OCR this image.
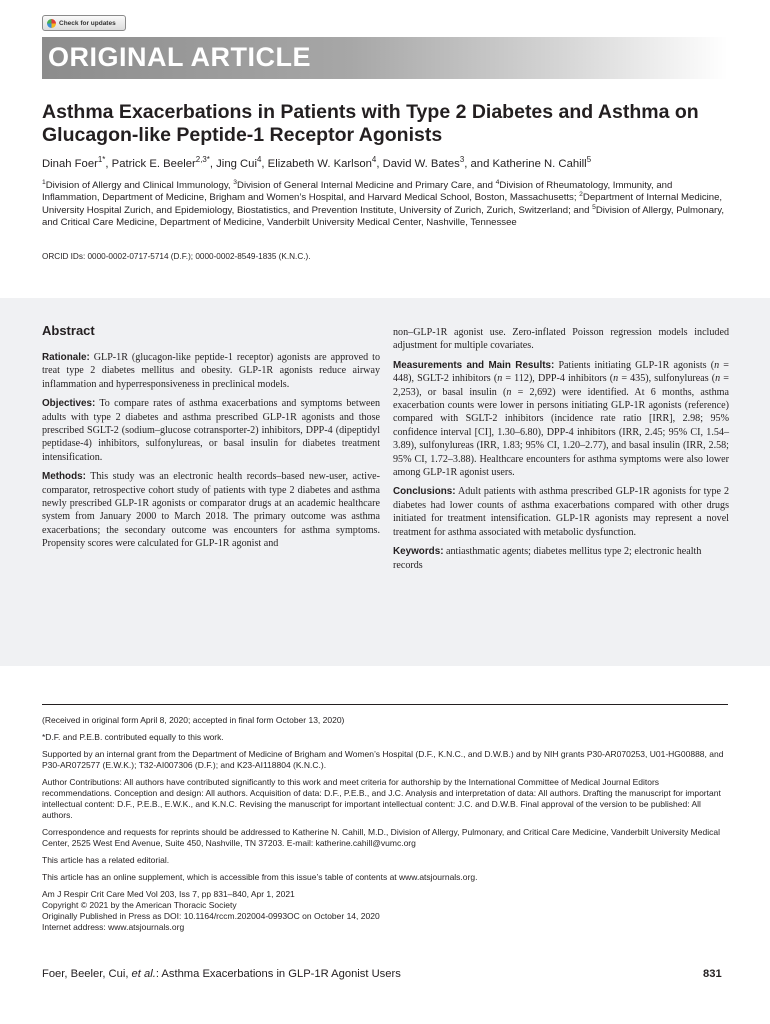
Check for updates
ORIGINAL ARTICLE
Asthma Exacerbations in Patients with Type 2 Diabetes and Asthma on
Glucagon-like Peptide-1 Receptor Agonists
Dinah Foer$^{1*}$, Patrick E. Beeler$^{2,3*}$, Jing Cui$^4$, Elizabeth W. Karlson$^4$, David W. Bates$^3$, and Katherine N. Cahill$^5$
$^1$Division of Allergy and Clinical Immunology, $^3$Division of General Internal Medicine and Primary Care, and $^4$Division of Rheumatology, Immunity, and Inflammation, Department of Medicine, Brigham and Women’s Hospital, and Harvard Medical School, Boston, Massachusetts; $^2$Department of Internal Medicine, University Hospital Zurich, and Epidemiology, Biostatistics, and Prevention Institute, University of Zurich, Zurich, Switzerland; and $^5$Division of Allergy, Pulmonary, and Critical Care Medicine, Department of Medicine, Vanderbilt University Medical Center, Nashville, Tennessee
ORCID IDs: 0000-0002-0717-5714 (D.F.); 0000-0002-8549-1835 (K.N.C.).
Abstract

Rationale: GLP-1R (glucagon-like peptide-1 receptor) agonists are approved to treat type 2 diabetes mellitus and obesity. GLP-1R agonists reduce airway inflammation and hyperresponsiveness in preclinical models.

Objectives: To compare rates of asthma exacerbations and symptoms between adults with type 2 diabetes and asthma prescribed GLP-1R agonists and those prescribed SGLT-2 (sodium–glucose cotransporter-2) inhibitors, DPP-4 (dipeptidyl peptidase-4) inhibitors, sulfonylureas, or basal insulin for diabetes treatment intensification.

Methods: This study was an electronic health records–based new-user, active-comparator, retrospective cohort study of patients with type 2 diabetes and asthma newly prescribed GLP-1R agonists or comparator drugs at an academic healthcare system from January 2000 to March 2018. The primary outcome was asthma exacerbations; the secondary outcome was encounters for asthma symptoms. Propensity scores were calculated for GLP-1R agonist and

non–GLP-1R agonist use. Zero-inflated Poisson regression models included adjustment for multiple covariates.

Measurements and Main Results: Patients initiating GLP-1R agonists (n = 448), SGLT-2 inhibitors (n = 112), DPP-4 inhibitors (n = 435), sulfonylureas (n = 2,253), or basal insulin (n = 2,692) were identified. At 6 months, asthma exacerbation counts were lower in persons initiating GLP-1R agonists (reference) compared with SGLT-2 inhibitors (incidence rate ratio [IRR], 2.98; 95% confidence interval [CI], 1.30–6.80), DPP-4 inhibitors (IRR, 2.45; 95% CI, 1.54–3.89), sulfonylureas (IRR, 1.83; 95% CI, 1.20–2.77), and basal insulin (IRR, 2.58; 95% CI, 1.72–3.88). Healthcare encounters for asthma symptoms were also lower among GLP-1R agonist users.

Conclusions: Adult patients with asthma prescribed GLP-1R agonists for type 2 diabetes had lower counts of asthma exacerbations compared with other drugs initiated for treatment intensification. GLP-1R agonists may represent a novel treatment for asthma associated with metabolic dysfunction.

Keywords: antiasthmatic agents; diabetes mellitus type 2; electronic health records

(Received in original form April 8, 2020; accepted in final form October 13, 2020)

*D.F. and P.E.B. contributed equally to this work.

Supported by an internal grant from the Department of Medicine of Brigham and Women’s Hospital (D.F., K.N.C., and D.W.B.) and by NIH grants P30-AR070253, U01-HG00888, and P30-AR072577 (E.W.K.); T32-AI007306 (D.F.); and K23-AI118804 (K.N.C.).

Author Contributions: All authors have contributed significantly to this work and meet criteria for authorship by the International Committee of Medical Journal Editors recommendations. Conception and design: All authors. Acquisition of data: D.F., P.E.B., and J.C. Analysis and interpretation of data: All authors. Drafting the manuscript for important intellectual content: D.F., P.E.B., E.W.K., and K.N.C. Revising the manuscript for important intellectual content: J.C. and D.W.B. Final approval of the version to be published: All authors.

Correspondence and requests for reprints should be addressed to Katherine N. Cahill, M.D., Division of Allergy, Pulmonary, and Critical Care Medicine, Vanderbilt University Medical Center, 2525 West End Avenue, Suite 450, Nashville, TN 37203. E-mail: katherine.cahill@vumc.org

This article has a related editorial.

This article has an online supplement, which is accessible from this issue’s table of contents at www.atsjournals.org.

Am J Respir Crit Care Med Vol 203, Iss 7, pp 831–840, Apr 1, 2021

Copyright © 2021 by the American Thoracic Society

Originally Published in Press as DOI: 10.1164/rccm.202004-0993OC on October 14, 2020

Internet address: www.atsjournals.org

Foer, Beeler, Cui, et al.: Asthma Exacerbations in GLP-1R Agonist Users	831
